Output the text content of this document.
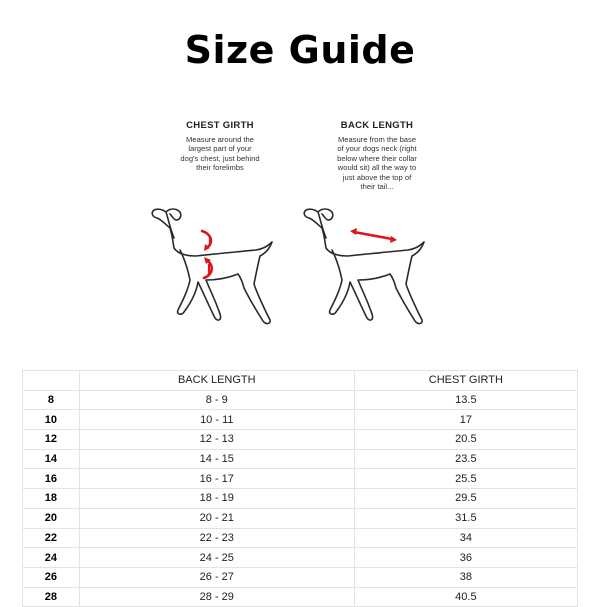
Size Guide
CHEST GIRTH
Measure around the
largest part of your
dog's chest, just behind
their forelimbs
BACK LENGTH
Measure from the base
of your dogs neck (right
below where their collar
would sit) all the way to
just above the top of
their tail...
	BACK LENGTH	CHEST GIRTH
8	8 - 9	13.5
10	10 - 11	17
12	12 - 13	20.5
14	14 - 15	23.5
16	16 - 17	25.5
18	18 - 19	29.5
20	20 - 21	31.5
22	22 - 23	34
24	24 - 25	36
26	26 - 27	38
28	28 - 29	40.5
